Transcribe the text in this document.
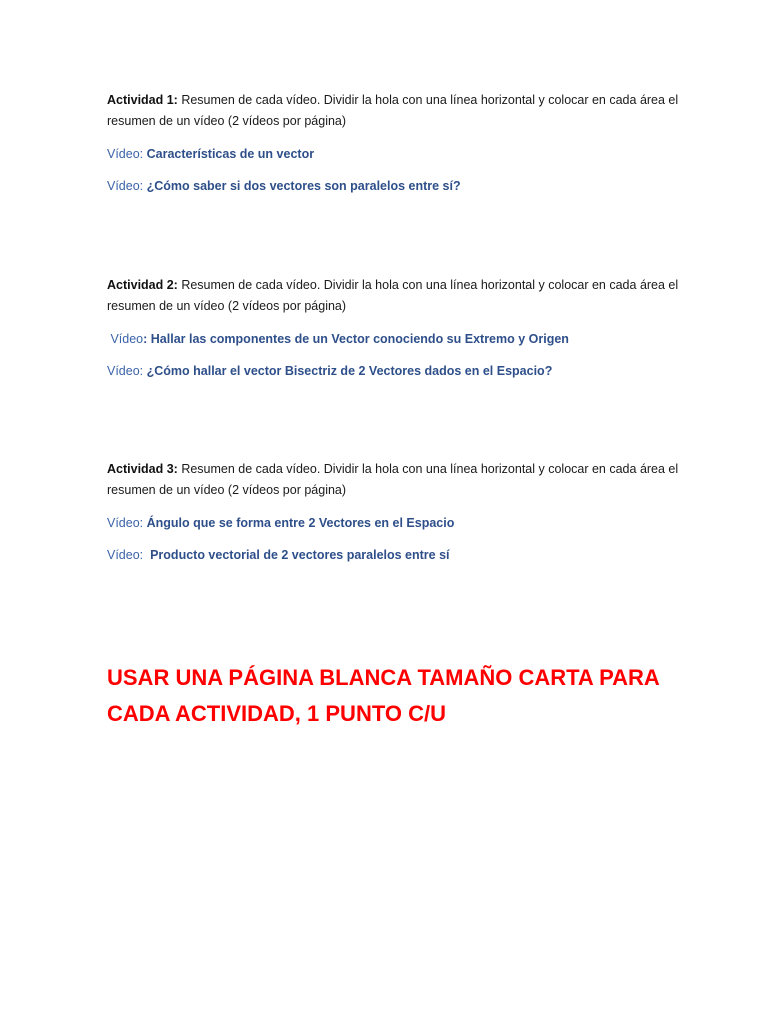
Actividad 1: Resumen de cada vídeo. Dividir la hola con una línea horizontal y colocar en cada área el resumen de un vídeo (2 vídeos por página)

Vídeo: Características de un vector

Vídeo: ¿Cómo saber si dos vectores son paralelos entre sí?

Actividad 2: Resumen de cada vídeo. Dividir la hola con una línea horizontal y colocar en cada área el resumen de un vídeo (2 vídeos por página)

Vídeo: Hallar las componentes de un Vector conociendo su Extremo y Origen

Vídeo: ¿Cómo hallar el vector Bisectriz de 2 Vectores dados en el Espacio?

Actividad 3: Resumen de cada vídeo. Dividir la hola con una línea horizontal y colocar en cada área el resumen de un vídeo (2 vídeos por página)

Vídeo: Ángulo que se forma entre 2 Vectores en el Espacio

Vídeo:  Producto vectorial de 2 vectores paralelos entre sí

USAR UNA PÁGINA BLANCA TAMAÑO CARTA PARA CADA ACTIVIDAD, 1 PUNTO C/U
